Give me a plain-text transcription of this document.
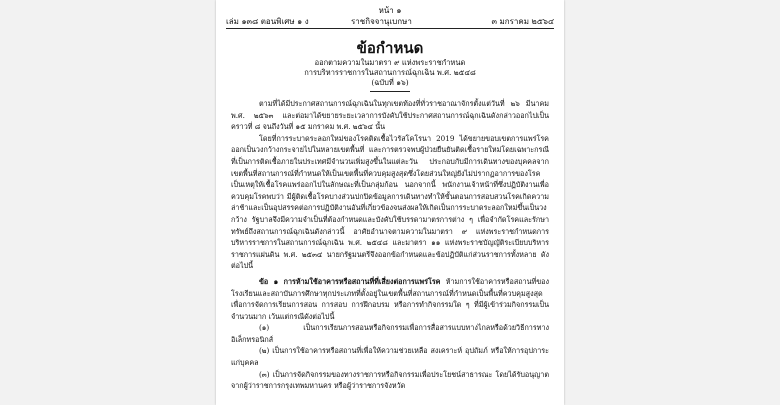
หน้า ๑
เล่ม ๑๓๘ ตอนพิเศษ ๑ ง	ราชกิจจานุเบกษา	๓ มกราคม ๒๕๖๔
ข้อกำหนด
ออกตามความในมาตรา ๙ แห่งพระราชกำหนด
การบริหารราชการในสถานการณ์ฉุกเฉิน พ.ศ. ๒๕๔๘
(ฉบับที่ ๑๖)

ตามที่ได้มีประกาศสถานการณ์ฉุกเฉินในทุกเขตท้องที่ทั่วราชอาณาจักรตั้งแต่วันที่ ๒๖ มีนาคม พ.ศ. ๒๕๖๓ และต่อมาได้ขยายระยะเวลาการบังคับใช้ประกาศสถานการณ์ฉุกเฉินดังกล่าวออกไปเป็นคราวที่ ๘ จนถึงวันที่ ๑๕ มกราคม พ.ศ. ๒๕๖๔ นั้น

โดยที่การระบาดระลอกใหม่ของโรคติดเชื้อไวรัสโคโรนา 2019 ได้ขยายขอบเขตการแพร่โรคออกเป็นวงกว้างกระจายไปในหลายเขตพื้นที่ และการตรวจพบผู้ป่วยยืนยันติดเชื้อรายใหม่โดยเฉพาะกรณีที่เป็นการติดเชื้อภายในประเทศมีจำนวนเพิ่มสูงขึ้นในแต่ละวัน ประกอบกับมีการเดินทางของบุคคลจากเขตพื้นที่สถานการณ์ที่กำหนดให้เป็นเขตพื้นที่ควบคุมสูงสุดซึ่งโดยส่วนใหญ่ยังไม่ปรากฏอาการของโรคเป็นเหตุให้เชื้อโรคแพร่ออกไปในลักษณะที่เป็นกลุ่มก้อน นอกจากนี้ พนักงานเจ้าหน้าที่ซึ่งปฏิบัติงานเพื่อควบคุมโรคพบว่า มีผู้ติดเชื้อโรคบางส่วนปกปิดข้อมูลการเดินทางทำให้ขั้นตอนการสอบสวนโรคเกิดความล่าช้าและเป็นอุปสรรคต่อการปฏิบัติงานอันที่เกี่ยวข้องจนส่งผลให้เกิดเป็นการระบาดระลอกใหม่ขึ้นเป็นวงกว้าง รัฐบาลจึงมีความจำเป็นที่ต้องกำหนดและบังคับใช้บรรดามาตรการต่าง ๆ เพื่อจำกัดโรคและรักษาทรัพย์ถึงสถานการณ์ฉุกเฉินดังกล่าวนี้ อาศัยอำนาจตามความในมาตรา ๙ แห่งพระราชกำหนดการบริหารราชการในสถานการณ์ฉุกเฉิน พ.ศ. ๒๕๔๘ และมาตรา ๑๑ แห่งพระราชบัญญัติระเบียบบริหารราชการแผ่นดิน พ.ศ. ๒๕๓๔ นายกรัฐมนตรีจึงออกข้อกำหนดและข้อปฏิบัติแก่ส่วนราชการทั้งหลาย ดังต่อไปนี้

ข้อ ๑ การห้ามใช้อาคารหรือสถานที่ที่เสี่ยงต่อการแพร่โรค ห้ามการใช้อาคารหรือสถานที่ของโรงเรียนและสถาบันการศึกษาทุกประเภทที่ตั้งอยู่ในเขตพื้นที่สถานการณ์ที่กำหนดเป็นพื้นที่ควบคุมสูงสุด เพื่อการจัดการเรียนการสอน การสอบ การฝึกอบรม หรือการทำกิจกรรมใด ๆ ที่มีผู้เข้าร่วมกิจกรรมเป็นจำนวนมาก เว้นแต่กรณีดังต่อไปนี้

(๑) เป็นการเรียนการสอนหรือกิจกรรมเพื่อการสื่อสารแบบทางไกลหรือด้วยวิธีการทางอิเล็กทรอนิกส์

(๒) เป็นการใช้อาคารหรือสถานที่เพื่อให้ความช่วยเหลือ สงเคราะห์ อุปถัมภ์ หรือให้การอุปการะแก่บุคคล

(๓) เป็นการจัดกิจกรรมของทางราชการหรือกิจกรรมเพื่อประโยชน์สาธารณะ โดยได้รับอนุญาตจากผู้ว่าราชการกรุงเทพมหานคร หรือผู้ว่าราชการจังหวัด
